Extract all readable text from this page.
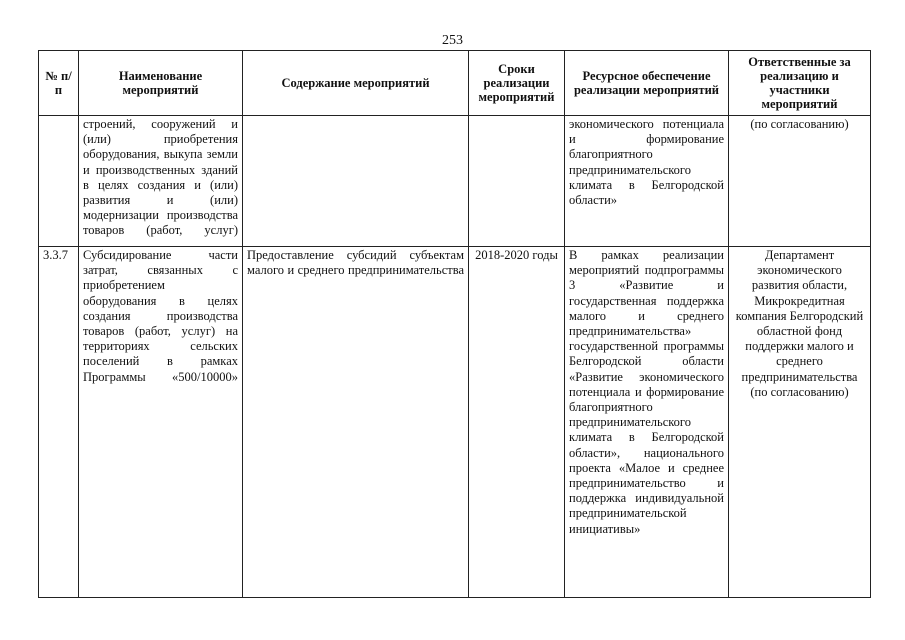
253
№ п/п	Наименование мероприятий	Содержание мероприятий	Сроки реализации мероприятий	Ресурсное обеспечение реализации мероприятий	Ответственные за реализацию и участники мероприятий
	строений, сооружений и (или) приобретения оборудования, выкупа земли и производственных зданий в целях создания и (или) развития и (или) модернизации производства товаров (работ, услуг)			экономического потенциала и формирование благоприятного предпринимательского климата в Белгородской области»	(по согласованию)
3.3.7	Субсидирование части затрат, связанных с приобретением оборудования в целях создания производства товаров (работ, услуг) на территориях сельских поселений в рамках Программы «500/10000»	Предоставление субсидий субъектам малого и среднего предпринимательства	2018-2020 годы	В рамках реализации мероприятий подпрограммы 3 «Развитие и государственная поддержка малого и среднего предпринимательства» государственной программы Белгородской области «Развитие экономического потенциала и формирование благоприятного предпринимательского климата в Белгородской области», национального проекта «Малое и среднее предпринимательство и поддержка индивидуальной предпринимательской инициативы»	Департамент экономического развития области, Микрокредитная компания Белгородский областной фонд поддержки малого и среднего предпринимательства (по согласованию)
